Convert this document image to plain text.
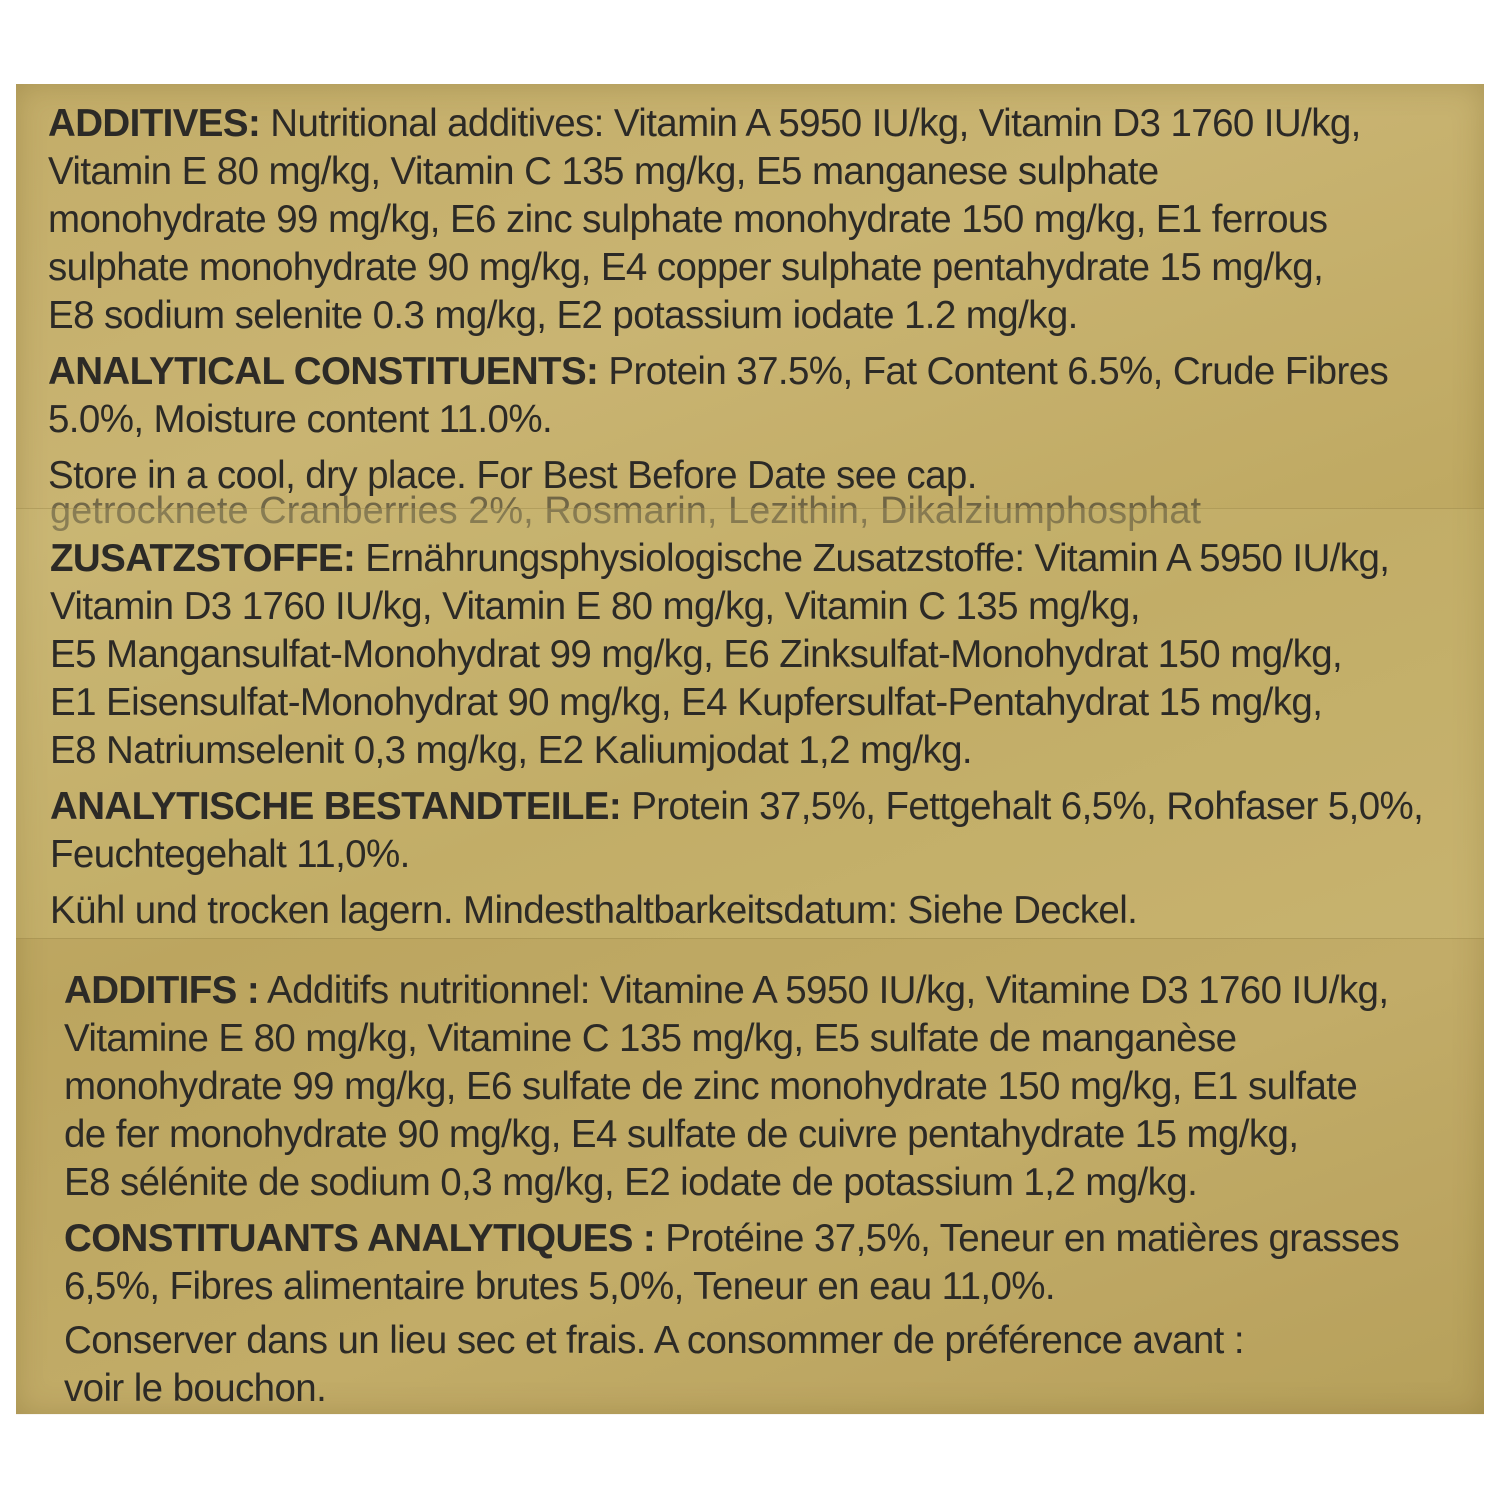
ADDITIVES: Nutritional additives: Vitamin A 5950 IU/kg, Vitamin D3 1760 IU/kg,
Vitamin E 80 mg/kg, Vitamin C 135 mg/kg, E5 manganese sulphate
monohydrate 99 mg/kg, E6 zinc sulphate monohydrate 150 mg/kg, E1 ferrous
sulphate monohydrate 90 mg/kg, E4 copper sulphate pentahydrate 15 mg/kg,
E8 sodium selenite 0.3 mg/kg, E2 potassium iodate 1.2 mg/kg.

ANALYTICAL CONSTITUENTS: Protein 37.5%, Fat Content 6.5%, Crude Fibres
5.0%, Moisture content 11.0%.

Store in a cool, dry place. For Best Before Date see cap.

getrocknete Cranberries 2%, Rosmarin, Lezithin, Dikalziumphosphat

ZUSATZSTOFFE: Ernährungsphysiologische Zusatzstoffe: Vitamin A 5950 IU/kg,
Vitamin D3 1760 IU/kg, Vitamin E 80 mg/kg, Vitamin C 135 mg/kg,
E5 Mangansulfat-Monohydrat 99 mg/kg, E6 Zinksulfat-Monohydrat 150 mg/kg,
E1 Eisensulfat-Monohydrat 90 mg/kg, E4 Kupfersulfat-Pentahydrat 15 mg/kg,
E8 Natriumselenit 0,3 mg/kg, E2 Kaliumjodat 1,2 mg/kg.

ANALYTISCHE BESTANDTEILE: Protein 37,5%, Fettgehalt 6,5%, Rohfaser 5,0%,
Feuchtegehalt 11,0%.

Kühl und trocken lagern. Mindesthaltbarkeitsdatum: Siehe Deckel.

ADDITIFS : Additifs nutritionnel: Vitamine A 5950 IU/kg, Vitamine D3 1760 IU/kg,
Vitamine E 80 mg/kg, Vitamine C 135 mg/kg, E5 sulfate de manganèse
monohydrate 99 mg/kg, E6 sulfate de zinc monohydrate 150 mg/kg, E1 sulfate
de fer monohydrate 90 mg/kg, E4 sulfate de cuivre pentahydrate 15 mg/kg,
E8 sélénite de sodium 0,3 mg/kg, E2 iodate de potassium 1,2 mg/kg.

CONSTITUANTS ANALYTIQUES : Protéine 37,5%, Teneur en matières grasses
6,5%, Fibres alimentaire brutes 5,0%, Teneur en eau 11,0%.

Conserver dans un lieu sec et frais. A consommer de préférence avant :
voir le bouchon.
